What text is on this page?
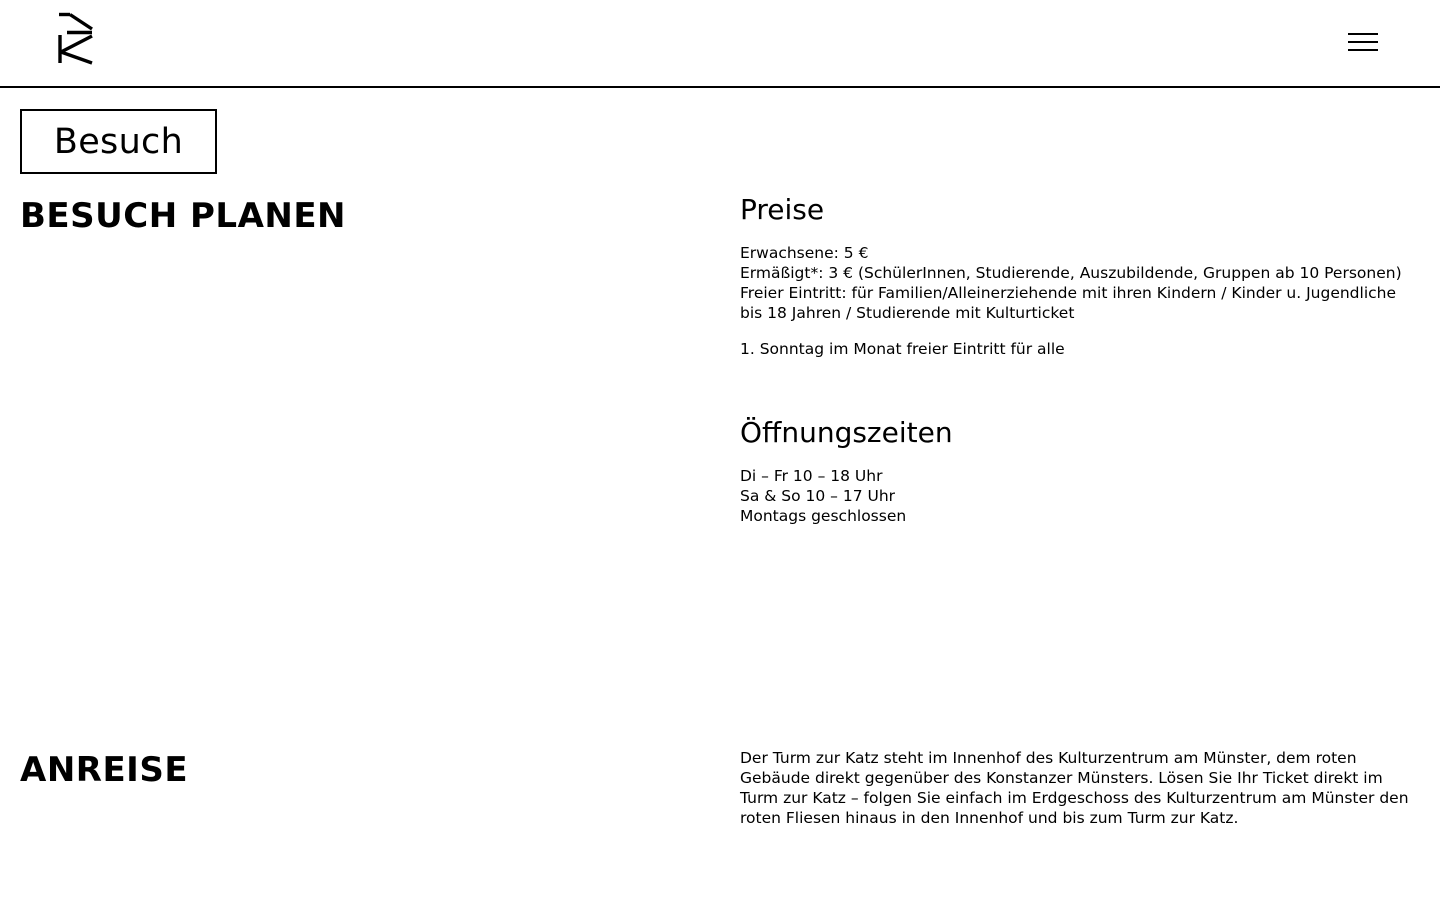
Besuch
BESUCH PLANEN	Preise

Erwachsene: 5 €

Ermäßigt*: 3 € (SchülerInnen, Studierende, Auszubildende, Gruppen ab 10 Personen)

Freier Eintritt: für Familien/Alleinerziehende mit ihren Kindern / Kinder u. Jugendliche bis 18 Jahren / Studierende mit Kulturticket

1. Sonntag im Monat freier Eintritt für alle

Öffnungszeiten

Di – Fr 10 – 18 Uhr

Sa & So 10 – 17 Uhr

Montags geschlossen

ANREISE	Der Turm zur Katz steht im Innenhof des Kulturzentrum am Münster, dem roten Gebäude direkt gegenüber des Konstanzer Münsters. Lösen Sie Ihr Ticket direkt im Turm zur Katz – folgen Sie einfach im Erdgeschoss des Kulturzentrum am Münster den roten Fliesen hinaus in den Innenhof und bis zum Turm zur Katz.
